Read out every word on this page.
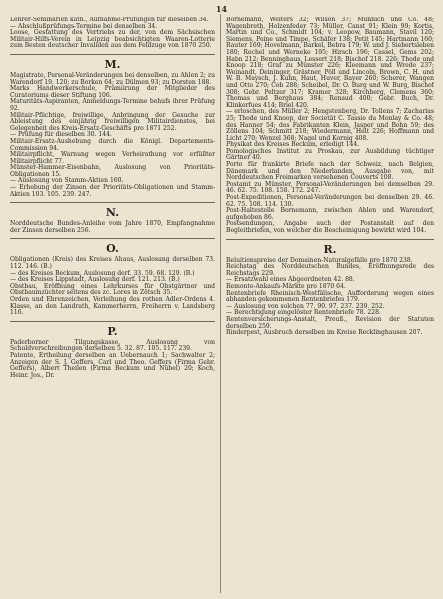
14
Lehrer-Seminarien kath., Aufnahme-Prüfungen für dieselben 34.
— Abschlußprüfungs-Termine bei denselben 34.
Loose, Gestattung des Vertriebs zu der, von dem Sächsischen Militair-Hilfs-Verein in Leipzig beabsichtigten Waaren-Lotterie zum Besten deutscher Invaliden aus dem Feldzuge von 1870 250.
M.
Magistrate, Personal-Veränderungen bei denselben, zu Ahlen 2; zu Warendorf 19. 120; zu Borken 64; zu Dülmen 93; zu Dorsten 188.
Marks Handwerkerschule, Prämiirung der Mitglieder des Curatoriums dieser Stiftung 106.
Maturitäts-Aspiranten, Anmeldungs-Termine behufs ihrer Prüfung 92.
Militair-Pflichtige, freiwillige, Anbringung der Gesuche zur Ableistung des einjährig freiwilligen Militairdienstes, bei Gelegenheit des Kreis-Ersatz-Geschäfts pro 1871 252.
— Prüfung für dieselben 30. 144.
Militair-Ersatz-Aushebung durch die Königl. Departements-Commission 94.
Militairpflicht, Warnung wegen Verheirathung vor erfüllter Militairpflicht 77.
Münster-Hammer-Eisenbahn, Auslosung von Prioritäts-Obligationen 15.
— Auslosung von Stamm-Aktien 160.
— Erhebung der Zinsen der Prioritäts-Obligationen und Stamm-Aktien 103. 105. 239. 247.
N.
Norddeutsche Bundes-Anleihe vom Jahre 1870, Empfangnahme der Zinsen derselben 256.
O.
Obligationen (Kreis) des Kreises Ahaus, Auslosung derselben 73. 112. 146. (B.)
— des Kreises Beckum, Auslosung derf. 33. 59. 68. 129. (B.)
— des Kreises Lippstadt, Auslosung derf. 121. 213. (B.)
Obstbau, Eröffnung eines Lehrkurses für Obstgärtner und Obstbaumzüchter seitens des zc. Lores in Zötsch 35.
Orden und Ehrenzeichen, Verleihung des rothen Adler-Ordens 4. Klasse, an den Landrath, Kammerherrn, Freiherrn v. Landsberg 116.
P.
Paderborner Tilgungskasse, Auslosung von Schuldverschreibungen derselben 5. 32. 87. 105. 117. 239.
Patente, Ertheilung derselben an Uebernauch 1; Sachwalter 2; Anzeigen der S. J. Geffers, Carl und Theo. Geffers (Firma Gebr. Geffers), Albert Theilen (Firma Beckum und Nübel) 20; Koch, Heinr. Jos., Dr.
Bornemann, Welters 32; Wilson 37; Münnich und Co. 48; Wagenbreth, Holzenfeder 73; Müller, Canst 91; Klein 99; Kortis, Martin und Co., Schmidt 104; v. Leopow, Baumann, Stavil 120; Siemens, Peine und Timpe, Schäfer 138; Petit 145; Hartmann 160; Rauter 169; Hovelmann, Barkel, Bebra 179; W. und J. Siebertsleben 180; Rechel und Werneke 195; Hirsch 196; Cassel, Gems 202; Habn 212; Benninghaus, Lessert 218; Bischof 218. 226; Thode und Knoop 218; Graf zu Münster 226; Kleemann und Wrede 237; Weinandt, Deininger, Grästner, Pöll und Lincoln, Brown, C. H. und W. B. Maysch, J. Kuhn, Haut, Huver, Bayer 260; Scherer, Wangen und Otto 270; Cob 288; Scheibel, Dr. O. Burg und W. Burg, Bischof 308; Gebr. Peltzer 317; Kramer 328; Kirchberg, Clemens 360; Thomas und Berghaus 384; Renaud 400; Gebr. Buch, Dr. Klinkerfues 414; Briel 420.
— erloschen, des Müller 2; Hengstenberg, Dr. Tollens 7; Zacharias 25; Thode und Knoop, der Societät C. Tassie du Monlay & Co. 48; des Hanner 54; des Fabrikanten Klein, Jasper und Bohn 59; des Zöllens 104; Schmitt 218; Wiedermann, Helt 226; Hoffmann und Licht 270; Wenzel 368; Nagel und Kornig 408.
Physikat des Kreises Beckum, erledigt 144.
Pomologisches Institut zu Proskau, zur Ausbildung tüchtiger Gärtner 40.
Porto für frankirte Briefe nach der Schweiz, nach Belgien, Dänemark und den Niederlanden, Ausgabe von, mit Norddeutschen Freimarken versehenen Couverts 108.
Postamt zu Münster, Personal-Veränderungen bei demselben 29. 46. 62. 75. 108. 158. 172. 247.
Post-Expeditionen, Personal-Veränderungen bei denselben 29. 46. 62. 75. 108. 114. 130.
Post-Haltestelle Bornemann, zwischen Ahlen und Warendorf, aufgehoben 86.
Postsendungen, Angabe auch der Postanstalt auf den Begleitbriefen, von welcher die Bescheinigung bewirkt wird 104.
R.
Reluitionspreise der Domainen-Naturalgefälle pro 1870 238.
Reichstag des Norddeutschen Bundes, Eröffnungsrede des Reichstags 229.
— Ersatzwahl eines Abgeordneten 42. 88.
Remonte-Ankaufs-Märkte pro 1870 64.
Rentenbriefe Rheinisch-Westfälische, Aufforderung wegen eines abhanden gekommenen Rentenbriefes 179.
— Auslosung von solchen 77. 90. 97. 237. 239. 252.
— Berechtigung eingelöster Rentenbriefe 78. 228.
Rentenversicherungs-Anstalt, Preuß., Revision der Statuten derselben 259.
Rinderpest, Ausbruch derselben im Kreise Recklinghausen 207.
